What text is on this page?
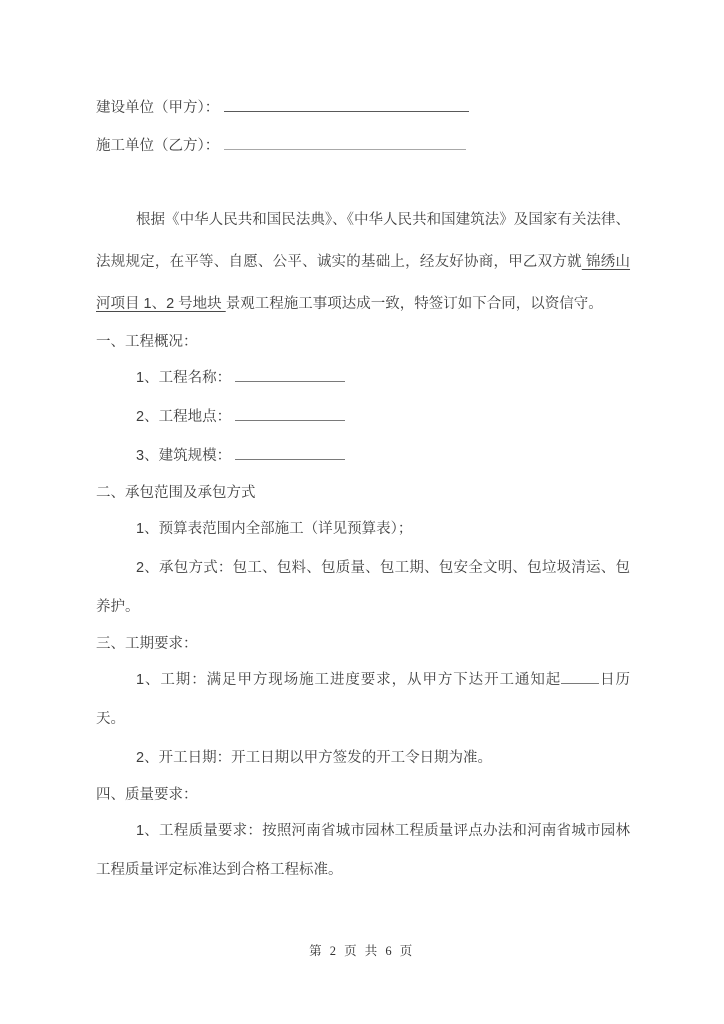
建设单位（甲方）：

施工单位（乙方）：

根据《中华人民共和国民法典》、《中华人民共和国建筑法》及国家有关法律、法规规定，在平等、自愿、公平、诚实的基础上，经友好协商，甲乙双方就 锦绣山河项目 1、2 号地块 景观工程施工事项达成一致，特签订如下合同，以资信守。

一、工程概况：

1、工程名称：

2、工程地点：

3、建筑规模：

二、承包范围及承包方式

1、预算表范围内全部施工（详见预算表）；

2、承包方式：包工、包料、包质量、包工期、包安全文明、包垃圾清运、包养护。

三、工期要求：

1、工期：满足甲方现场施工进度要求，从甲方下达开工通知起	日历天。

2、开工日期：开工日期以甲方签发的开工令日期为准。

四、质量要求：

1、工程质量要求：按照河南省城市园林工程质量评点办法和河南省城市园林工程质量评定标准达到合格工程标准。

第 2 页 共 6 页
